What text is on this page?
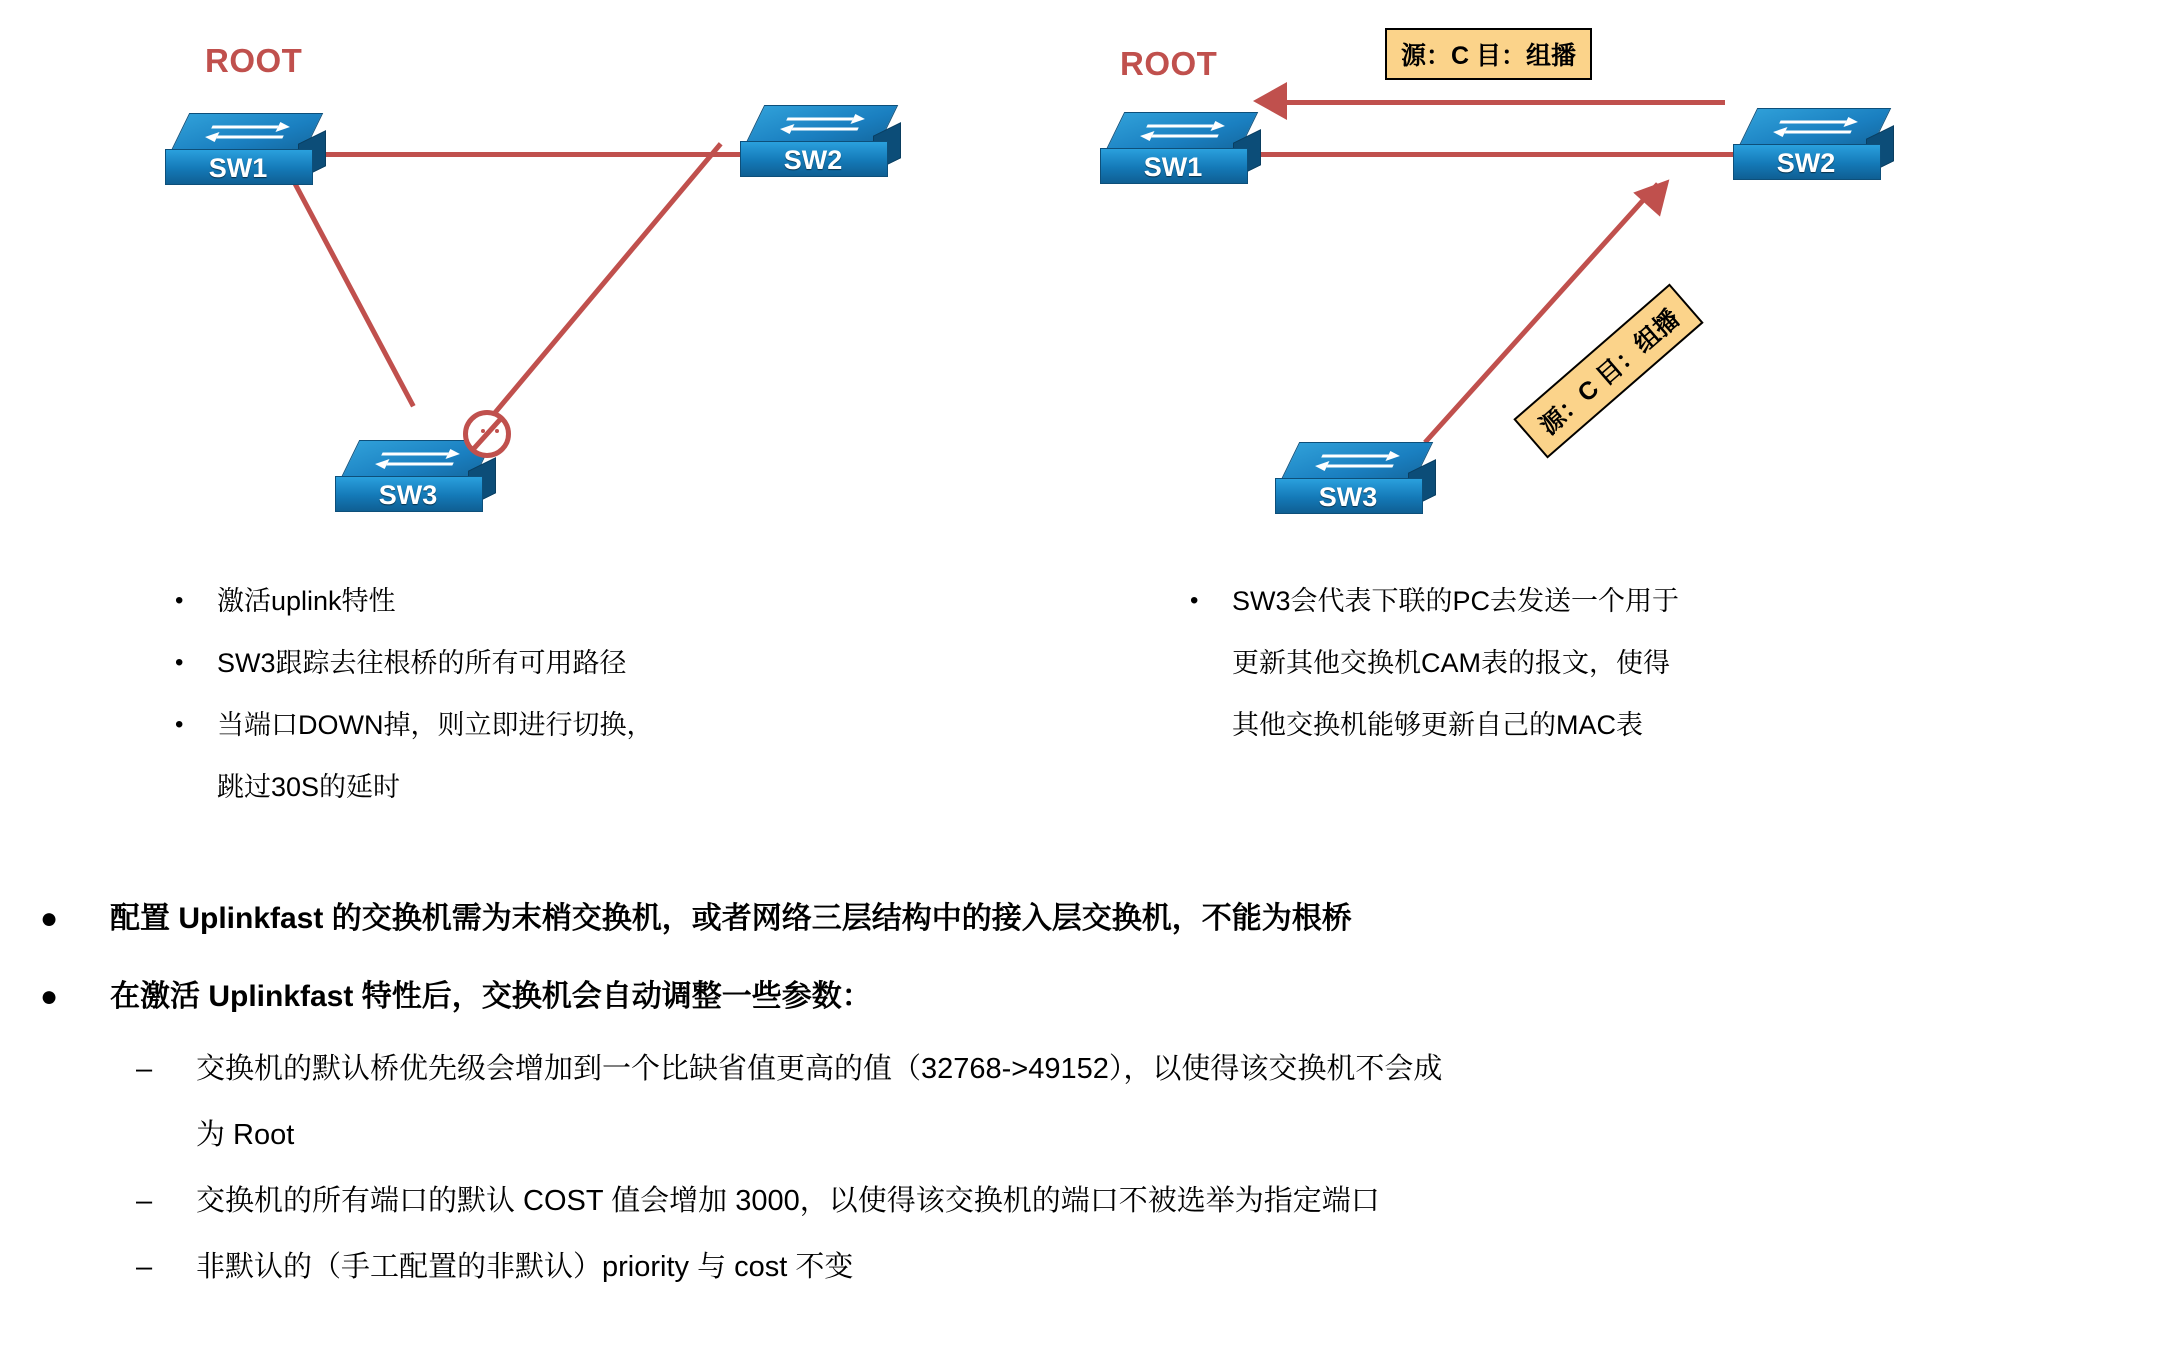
ROOT
SW1	SW2
SW3
•	激活uplink特性
•	SW3跟踪去往根桥的所有可用路径
•	当端口DOWN掉，则立即进行切换，
跳过30S的延时
ROOT
SW1	SW2
SW3
源：C 目：组播
源：C 目：组播
•	SW3会代表下联的PC去发送一个用于
更新其他交换机CAM表的报文，使得
其他交换机能够更新自己的MAC表
●	配置 Uplinkfast 的交换机需为末梢交换机，或者网络三层结构中的接入层交换机，不能为根桥
●	在激活 Uplinkfast 特性后，交换机会自动调整一些参数：
–	交换机的默认桥优先级会增加到一个比缺省值更高的值（32768->49152），以使得该交换机不会成
为 Root
–	交换机的所有端口的默认 COST 值会增加 3000，以使得该交换机的端口不被选举为指定端口
–	非默认的（手工配置的非默认）priority 与 cost 不变
